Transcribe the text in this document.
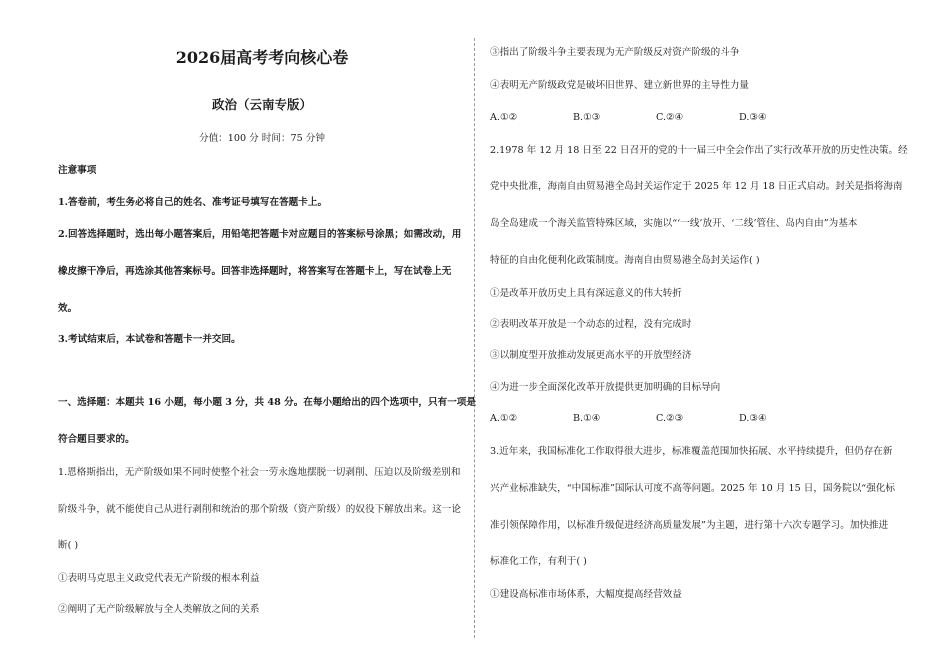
2026届高考考向核心卷
政治（云南专版）
分值：100 分 时间：75 分钟
注意事项
1.答卷前，考生务必将自己的姓名、准考证号填写在答题卡上。
2.回答选择题时，选出每小题答案后，用铅笔把答题卡对应题目的答案标号涂黑；如需改动，用
橡皮擦干净后，再选涂其他答案标号。回答非选择题时，将答案写在答题卡上，写在试卷上无
效。
3.考试结束后，本试卷和答题卡一并交回。
一、选择题：本题共 16 小题，每小题 3 分，共 48 分。在每小题给出的四个选项中，只有一项是
符合题目要求的。
1.恩格斯指出，无产阶级如果不同时使整个社会一劳永逸地摆脱一切剥削、压迫以及阶级差别和
阶级斗争，就不能使自己从进行剥削和统治的那个阶级（资产阶级）的奴役下解放出来。这一论
断( )
①表明马克思主义政党代表无产阶级的根本利益
②阐明了无产阶级解放与全人类解放之间的关系
③指出了阶级斗争主要表现为无产阶级反对资产阶级的斗争
④表明无产阶级政党是破坏旧世界、建立新世界的主导性力量
A.①②	B.①③	C.②④	D.③④
2.1978 年 12 月 18 日至 22 日召开的党的十一届三中全会作出了实行改革开放的历史性决策。经
党中央批准，海南自由贸易港全岛封关运作定于 2025 年 12 月 18 日正式启动。封关是指将海南
岛全岛建成一个海关监管特殊区域，实施以“‘一线’放开、‘二线’管住、岛内自由”为基本
特征的自由化便利化政策制度。海南自由贸易港全岛封关运作( )
①是改革开放历史上具有深远意义的伟大转折
②表明改革开放是一个动态的过程，没有完成时
③以制度型开放推动发展更高水平的开放型经济
④为进一步全面深化改革开放提供更加明确的目标导向
A.①②	B.①④	C.②③	D.③④
3.近年来，我国标准化工作取得很大进步，标准覆盖范围加快拓展、水平持续提升，但仍存在新
兴产业标准缺失，“中国标准”国际认可度不高等问题。2025 年 10 月 15 日，国务院以“强化标
准引领保障作用，以标准升级促进经济高质量发展”为主题，进行第十六次专题学习。加快推进
标准化工作，有利于( )
①建设高标准市场体系，大幅度提高经营效益
